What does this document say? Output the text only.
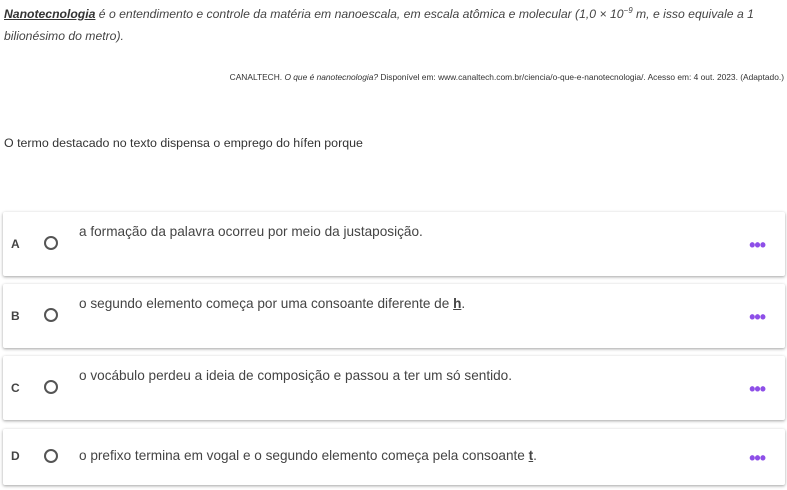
Nanotecnologia é o entendimento e controle da matéria em nanoescala, em escala atômica e molecular ($1,0 \times 10^{-9}$ m, e isso equivale a 1 bilionésimo do metro).
CANALTECH. O que é nanotecnologia? Disponível em: www.canaltech.com.br/ciencia/o-que-e-nanotecnologia/. Acesso em: 4 out. 2023. (Adaptado.)
O termo destacado no texto dispensa o emprego do hífen porque
A
a formação da palavra ocorreu por meio da justaposição.
•••
B
o segundo elemento começa por uma consoante diferente de h.
•••
C
o vocábulo perdeu a ideia de composição e passou a ter um só sentido.
•••
D	o prefixo termina em vogal e o segundo elemento começa pela consoante t.	•••
